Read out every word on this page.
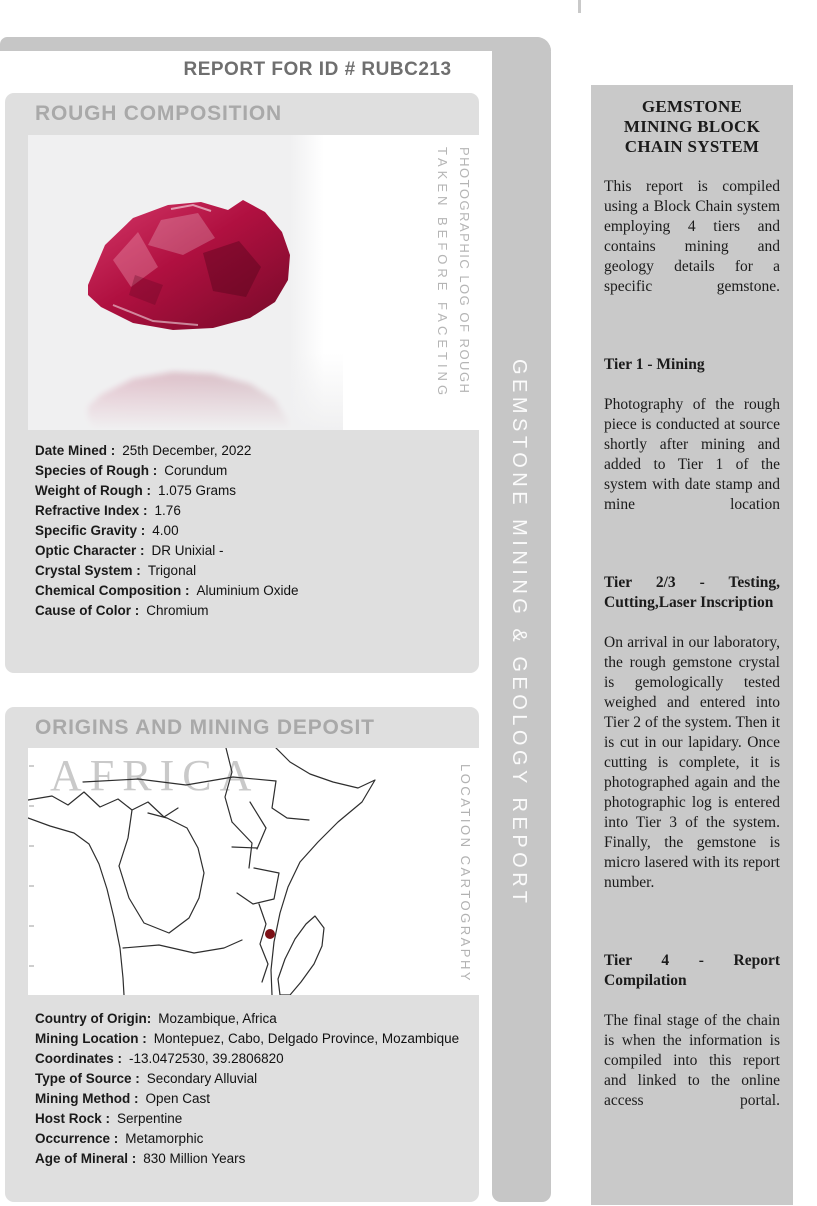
GEMSTONE MINING & GEOLOGY REPORT
REPORT FOR ID # RUBC213
ROUGH COMPOSITION
PHOTOGRAPHIC LOG OF ROUGH
TAKEN BEFORE FACETING
Date Mined : 25th December, 2022
Species of Rough : Corundum
Weight of Rough : 1.075 Grams
Refractive Index : 1.76
Specific Gravity : 4.00
Optic Character : DR Unixial -
Crystal System : Trigonal
Chemical Composition : Aluminium Oxide
Cause of Color : Chromium
ORIGINS AND MINING DEPOSIT
AFRICA	LOCATION CARTOGRAPHY
Country of Origin: Mozambique, Africa
Mining Location : Montepuez, Cabo, Delgado Province, Mozambique
Coordinates : -13.0472530, 39.2806820
Type of Source : Secondary Alluvial
Mining Method : Open Cast
Host Rock : Serpentine
Occurrence : Metamorphic
Age of Mineral : 830 Million Years
GEMSTONE MINING BLOCK CHAIN SYSTEM

This report is compiled using a Block Chain system employing 4 tiers and contains mining and geology details for a specific gemstone.

Tier 1 - Mining

Photography of the rough piece is conducted at source shortly after mining and added to Tier 1 of the system with date stamp and mine location

Tier 2/3 - Testing, Cutting,Laser Inscription

On arrival in our laboratory, the rough gemstone crystal is gemologically tested weighed and entered into Tier 2 of the system. Then it is cut in our lapidary. Once cutting is complete, it is photographed again and the photographic log is entered into Tier 3 of the system. Finally, the gemstone is micro lasered with its report number.

Tier 4 - Report Compilation

The final stage of the chain is when the information is compiled into this report and linked to the online access portal.
